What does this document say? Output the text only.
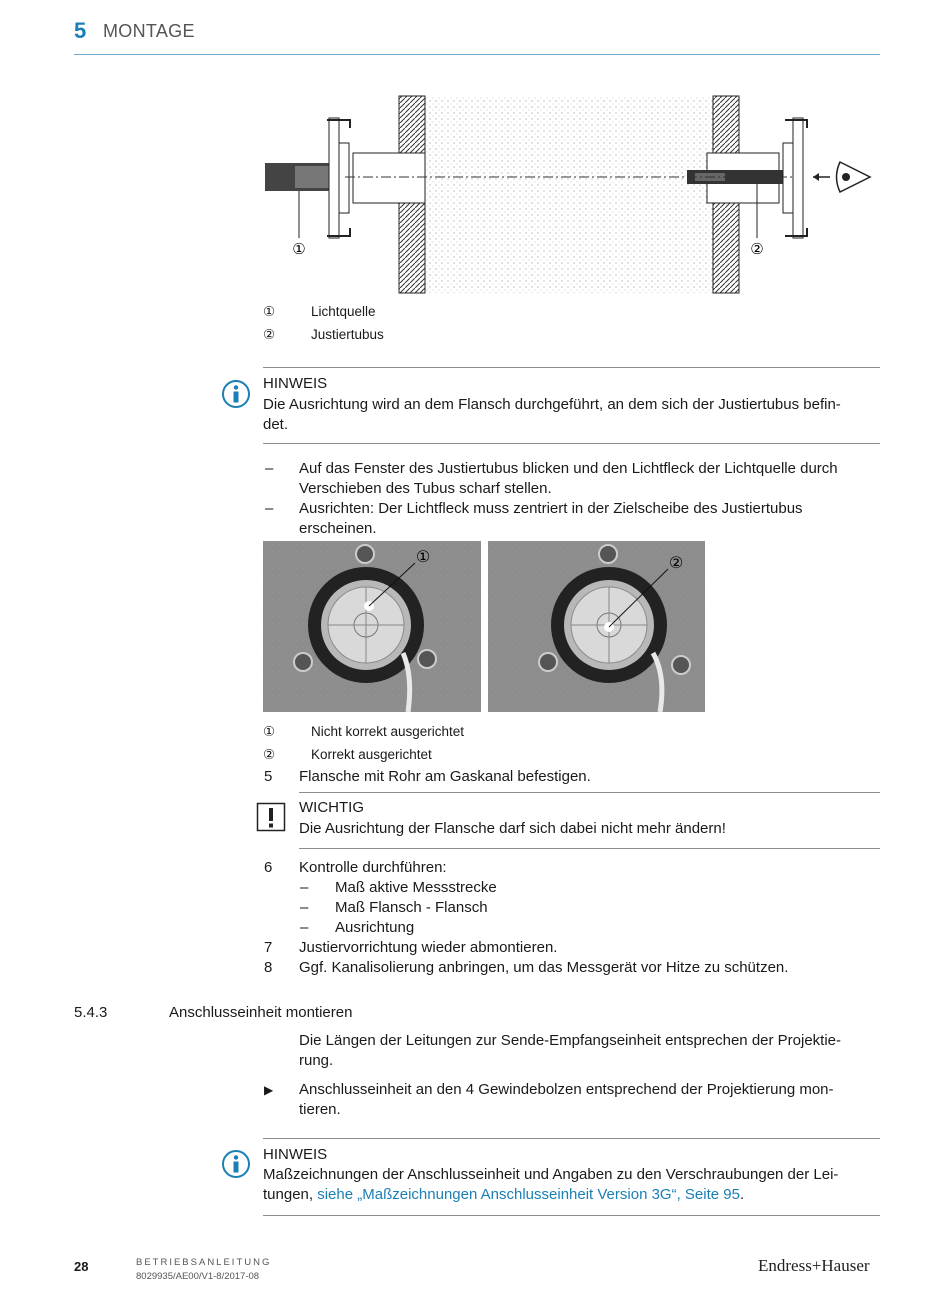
5 MONTAGE
①	②
①	Lichtquelle
②	Justiertubus
HINWEIS
Die Ausrichtung wird an dem Flansch durchgeführt, an dem sich der Justiertubus befin-
det.
– Auf das Fenster des Justiertubus blicken und den Lichtfleck der Lichtquelle durch
Verschieben des Tubus scharf stellen.
– Ausrichten: Der Lichtfleck muss zentriert in der Zielscheibe des Justiertubus
erscheinen.
①	②
①	Nicht korrekt ausgerichtet
②	Korrekt ausgerichtet
5 Flansche mit Rohr am Gaskanal befestigen.
WICHTIG
Die Ausrichtung der Flansche darf sich dabei nicht mehr ändern!
6 Kontrolle durchführen:
– Maß aktive Messstrecke
– Maß Flansch - Flansch
– Ausrichtung
7 Justiervorrichtung wieder abmontieren.
8 Ggf. Kanalisolierung anbringen, um das Messgerät vor Hitze zu schützen.
5.4.3	Anschlusseinheit montieren
Die Längen der Leitungen zur Sende-Empfangseinheit entsprechen der Projektie-
rung.
▶ Anschlusseinheit an den 4 Gewindebolzen entsprechend der Projektierung mon-
tieren.
HINWEIS
Maßzeichnungen der Anschlusseinheit und Angaben zu den Verschraubungen der Lei-
tungen, siehe „Maßzeichnungen Anschlusseinheit Version 3G“, Seite 95.
28	BETRIEBSANLEITUNG
8029935/AE00/V1-8/2017-08
Endress+Hauser
